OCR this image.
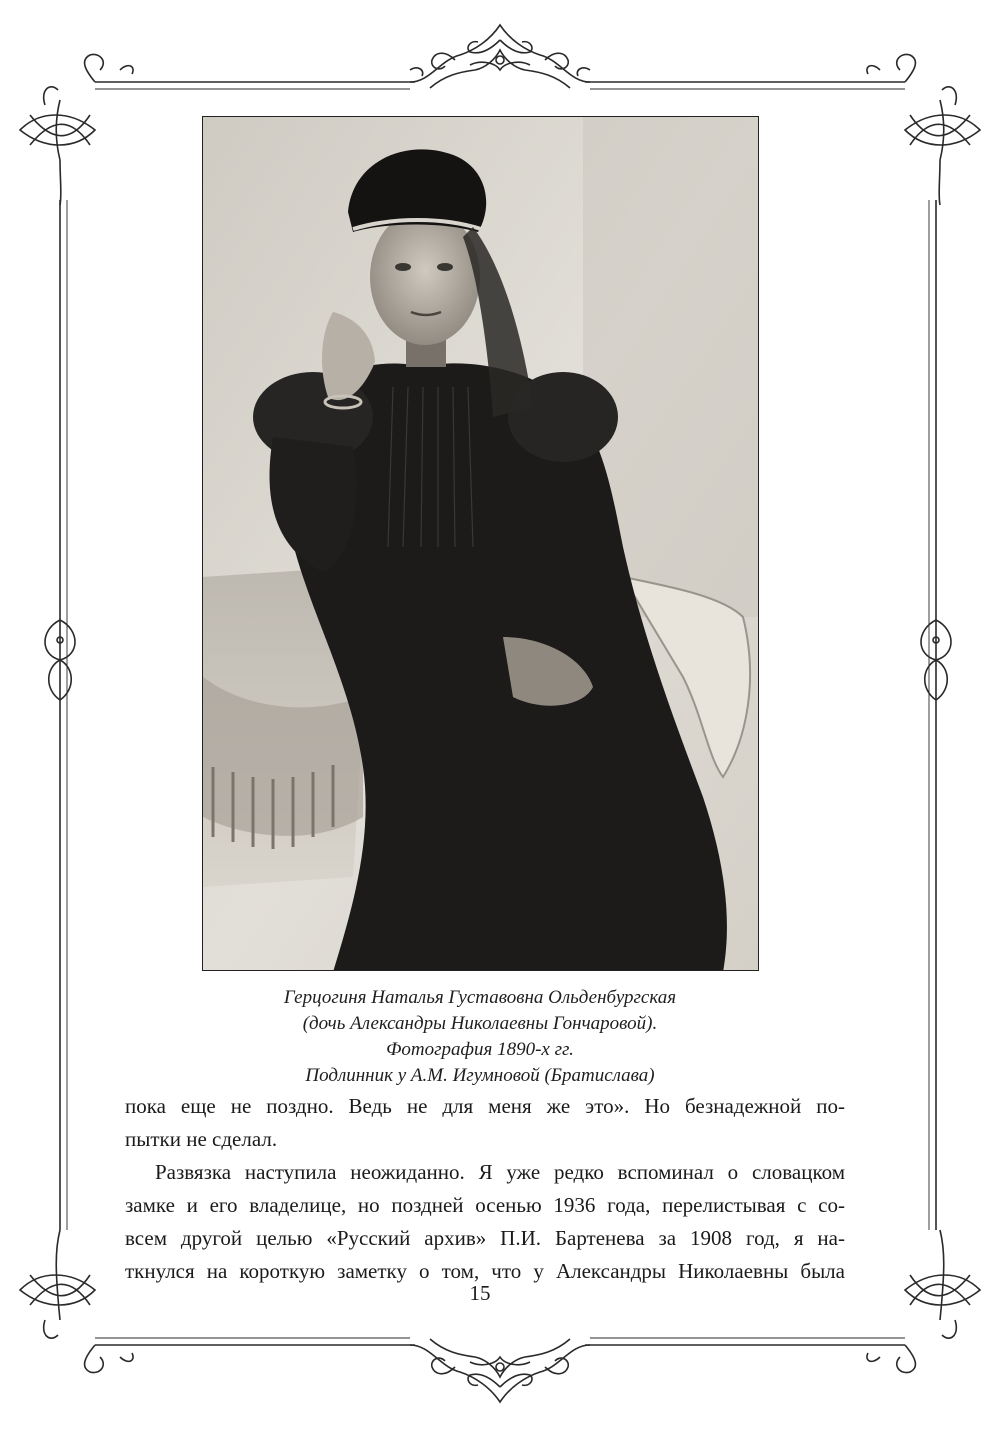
Герцогиня Наталья Густавовна Ольденбургская
(дочь Александры Николаевны Гончаровой).
Фотография 1890-х гг.
Подлинник у А.М. Игумновой (Братислава)
пока еще не поздно. Ведь не для меня же это». Но безнадежной по-
пытки не сделал.
Развязка наступила неожиданно. Я уже редко вспоминал о словацком
замке и его владелице, но поздней осенью 1936 года, перелистывая с со-
всем другой целью «Русский архив» П.И. Бартенева за 1908 год, я на-
ткнулся на короткую заметку о том, что у Александры Николаевны была
15
